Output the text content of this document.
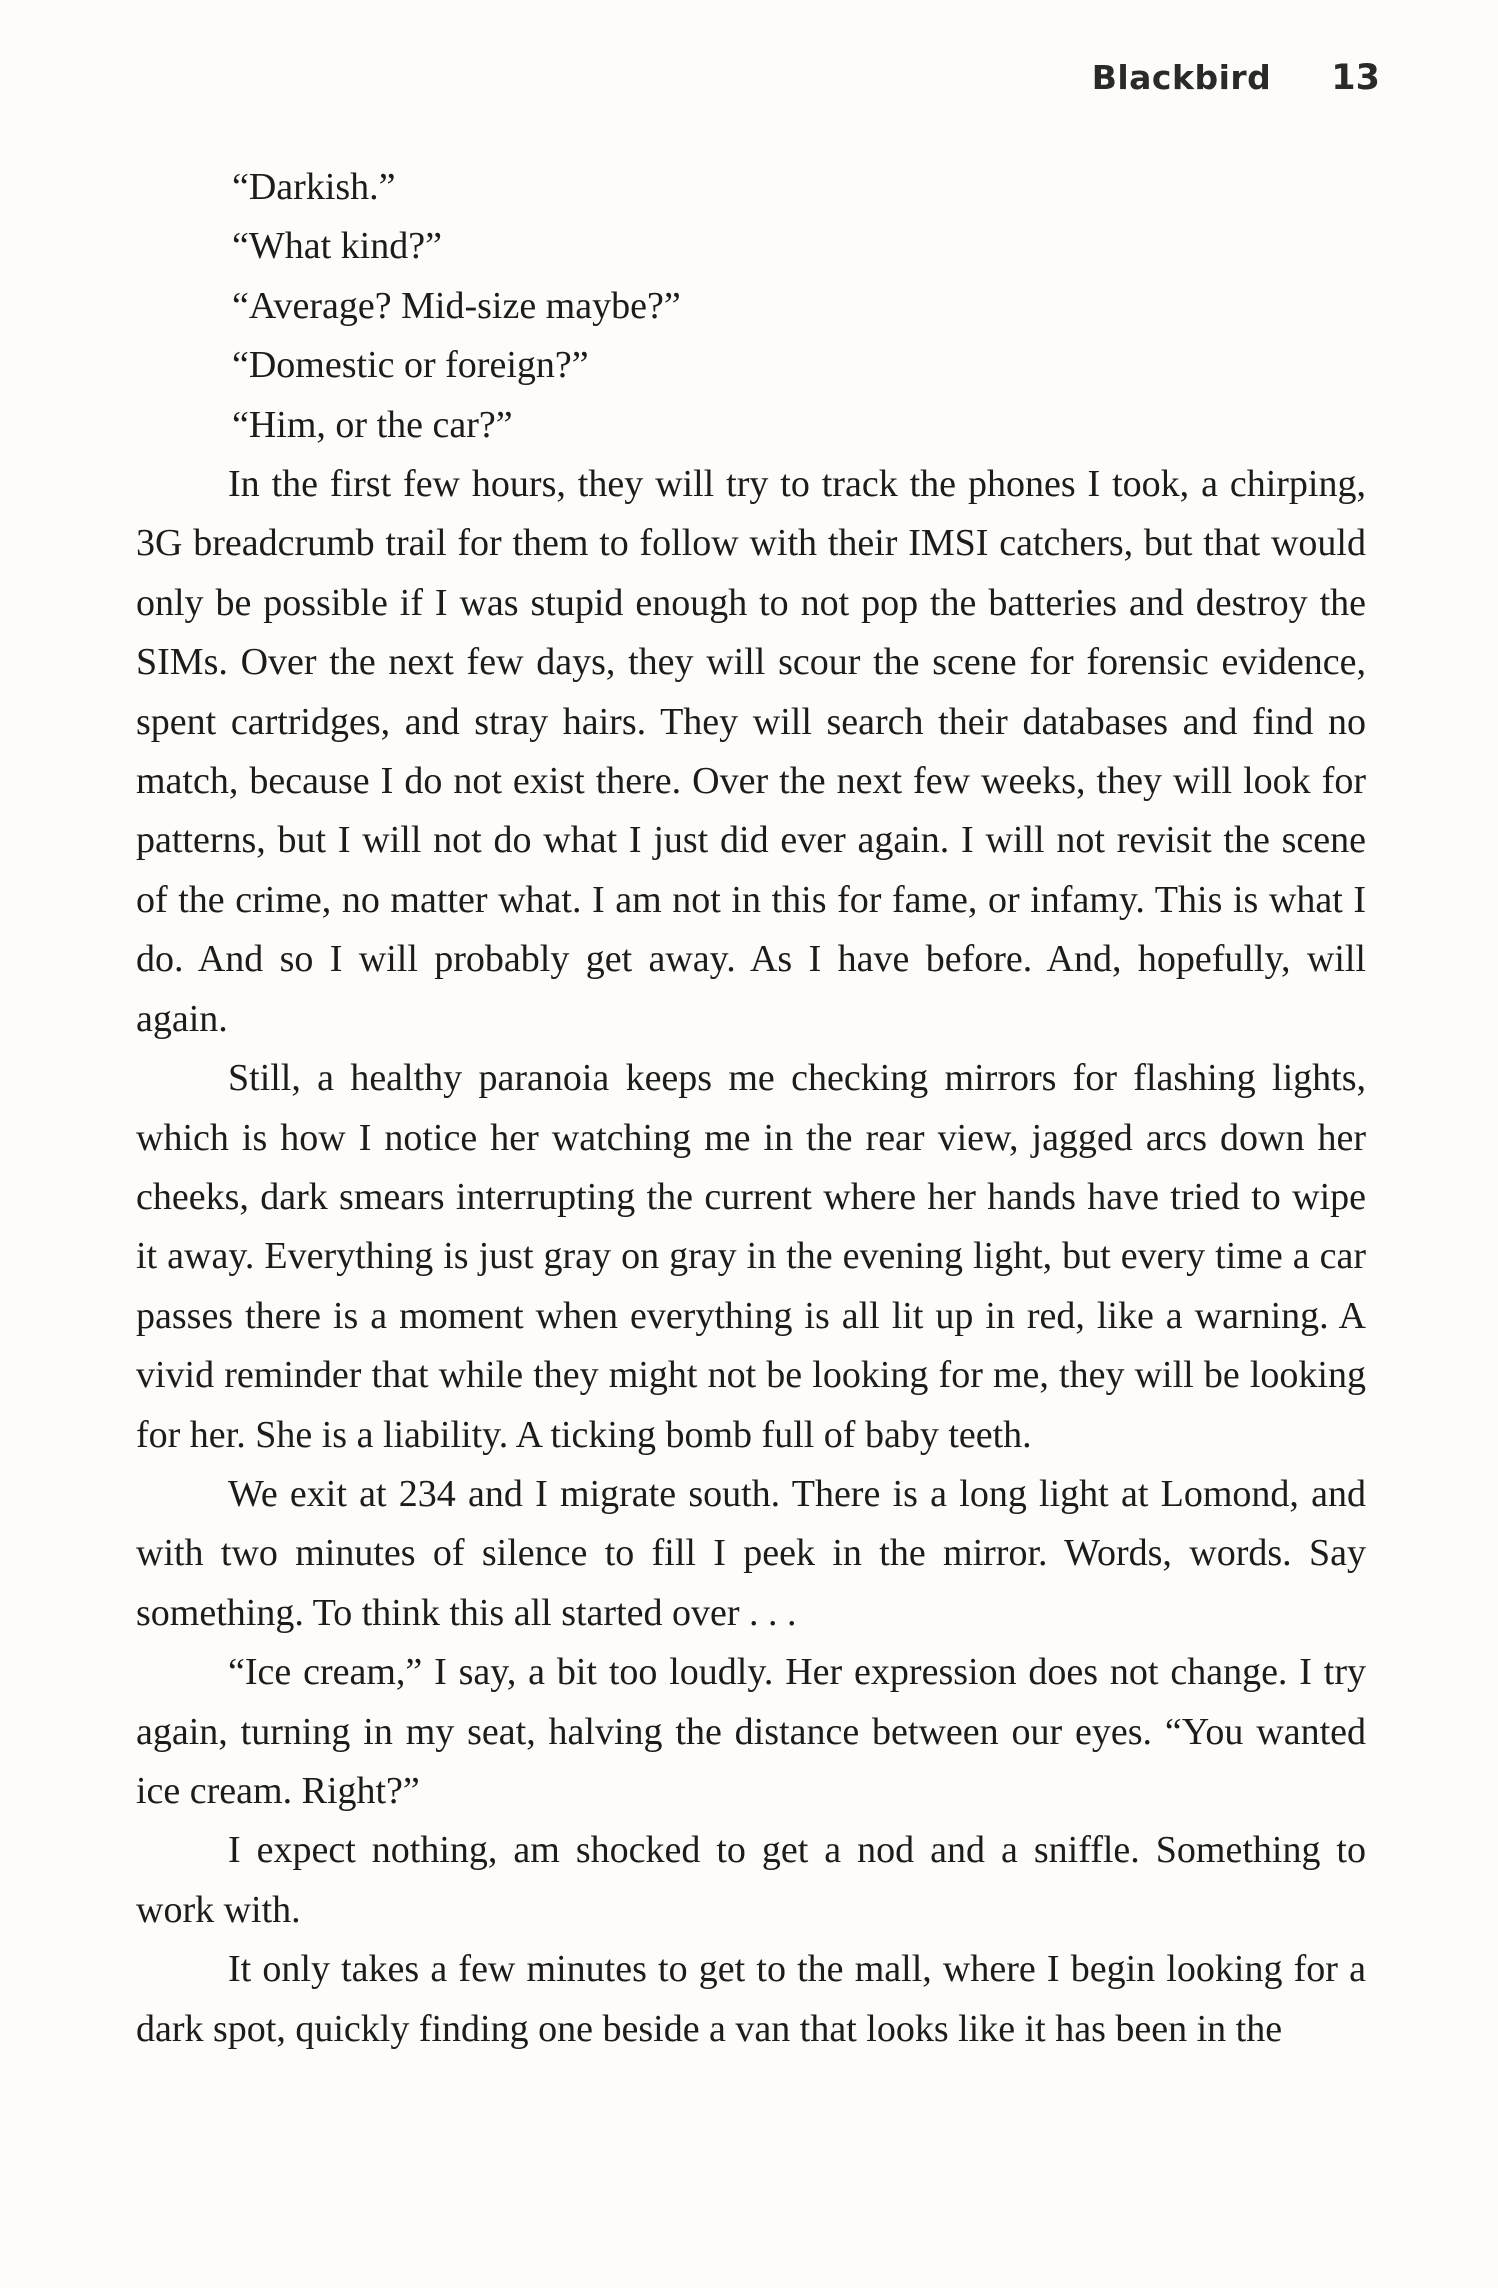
Blackbird 13

“Darkish.”

“What kind?”

“Average? Mid-size maybe?”

“Domestic or foreign?”

“Him, or the car?”

In the first few hours, they will try to track the phones I took, a chirping, 3G breadcrumb trail for them to follow with their IMSI catchers, but that would only be possible if I was stupid enough to not pop the batteries and destroy the SIMs. Over the next few days, they will scour the scene for forensic evidence, spent cartridges, and stray hairs. They will search their databases and find no match, because I do not exist there. Over the next few weeks, they will look for patterns, but I will not do what I just did ever again. I will not revisit the scene of the crime, no matter what. I am not in this for fame, or infamy. This is what I do. And so I will probably get away. As I have before. And, hopefully, will again.

Still, a healthy paranoia keeps me checking mirrors for flashing lights, which is how I notice her watching me in the rear view, jagged arcs down her cheeks, dark smears interrupting the current where her hands have tried to wipe it away. Everything is just gray on gray in the evening light, but every time a car passes there is a moment when everything is all lit up in red, like a warning. A vivid reminder that while they might not be looking for me, they will be looking for her. She is a liability. A ticking bomb full of baby teeth.

We exit at 234 and I migrate south. There is a long light at Lomond, and with two minutes of silence to fill I peek in the mirror. Words, words. Say something. To think this all started over . . .

“Ice cream,” I say, a bit too loudly. Her expression does not change. I try again, turning in my seat, halving the distance between our eyes. “You wanted ice cream. Right?”

I expect nothing, am shocked to get a nod and a sniffle. Something to work with.

It only takes a few minutes to get to the mall, where I begin looking for a dark spot, quickly finding one beside a van that looks like it has been in the
